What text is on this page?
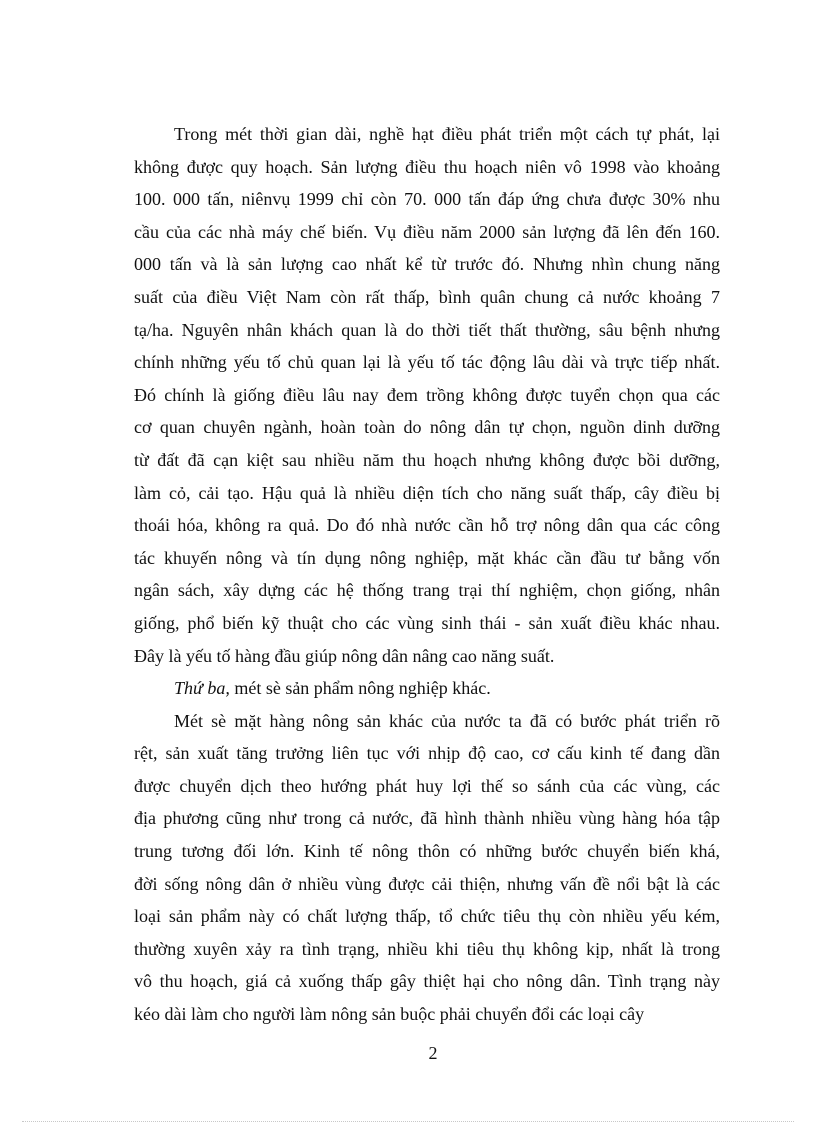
Trong mét thời gian dài, nghề hạt điều phát triển một cách tự phát, lại
không được quy hoạch. Sản lượng điều thu hoạch niên vô 1998 vào khoảng
100. 000 tấn, niênvụ 1999 chỉ còn 70. 000 tấn đáp ứng chưa được 30% nhu
cầu của các nhà máy chế biến. Vụ điều năm 2000 sản lượng đã lên đến 160.
000 tấn và là sản lượng cao nhất kể từ trước đó. Nhưng nhìn chung năng
suất của điều Việt Nam còn rất thấp, bình quân chung cả nước khoảng 7
tạ/ha. Nguyên nhân khách quan là do thời tiết thất thường, sâu bệnh nhưng
chính những yếu tố chủ quan lại là yếu tố tác động lâu dài và trực tiếp nhất.
Đó chính là giống điều lâu nay đem trồng không được tuyển chọn qua các
cơ quan chuyên ngành, hoàn toàn do nông dân tự chọn, nguồn dinh dưỡng
từ đất đã cạn kiệt sau nhiều năm thu hoạch nhưng không được bồi dưỡng,
làm cỏ, cải tạo. Hậu quả là nhiều diện tích cho năng suất thấp, cây điều bị
thoái hóa, không ra quả. Do đó nhà nước cần hỗ trợ nông dân qua các công
tác khuyến nông và tín dụng nông nghiệp, mặt khác cần đầu tư bằng vốn
ngân sách, xây dựng các hệ thống trang trại thí nghiệm, chọn giống, nhân
giống, phổ biến kỹ thuật cho các vùng sinh thái - sản xuất điều khác nhau.
Đây là yếu tố hàng đầu giúp nông dân nâng cao năng suất.
Thứ ba, mét sè sản phẩm nông nghiệp khác.
Mét sè mặt hàng nông sản khác của nước ta đã có bước phát triển rõ
rệt, sản xuất tăng trưởng liên tục với nhịp độ cao, cơ cấu kinh tế đang dần
được chuyển dịch theo hướng phát huy lợi thế so sánh của các vùng, các
địa phương cũng như trong cả nước, đã hình thành nhiều vùng hàng hóa tập
trung tương đối lớn. Kinh tế nông thôn có những bước chuyển biến khá,
đời sống nông dân ở nhiều vùng được cải thiện, nhưng vấn đề nổi bật là các
loại sản phẩm này có chất lượng thấp, tổ chức tiêu thụ còn nhiều yếu kém,
thường xuyên xảy ra tình trạng, nhiều khi tiêu thụ không kịp, nhất là trong
vô thu hoạch, giá cả xuống thấp gây thiệt hại cho nông dân. Tình trạng này
kéo dài làm cho người làm nông sản buộc phải chuyển đổi các loại cây
2
